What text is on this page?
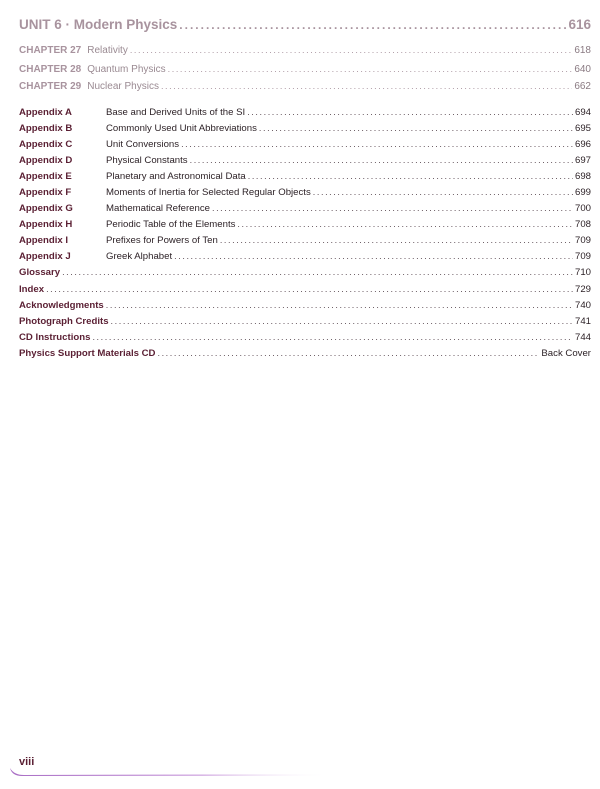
UNIT 6 · Modern Physics .....	616
CHAPTER 27 Relativity .....	618
CHAPTER 28 Quantum Physics .....	640
CHAPTER 29 Nuclear Physics .....	662
Appendix A	Base and Derived Units of the SI .....	694
Appendix B	Commonly Used Unit Abbreviations .....	695
Appendix C	Unit Conversions .....	696
Appendix D	Physical Constants .....	697
Appendix E	Planetary and Astronomical Data .....	698
Appendix F	Moments of Inertia for Selected Regular Objects .....	699
Appendix G	Mathematical Reference .....	700
Appendix H	Periodic Table of the Elements .....	708
Appendix I	Prefixes for Powers of Ten .....	709
Appendix J	Greek Alphabet .....	709
Glossary .....	710
Index .....	729
Acknowledgments .....	740
Photograph Credits .....	741
CD Instructions .....	744
Physics Support Materials CD .....	Back Cover
viii
